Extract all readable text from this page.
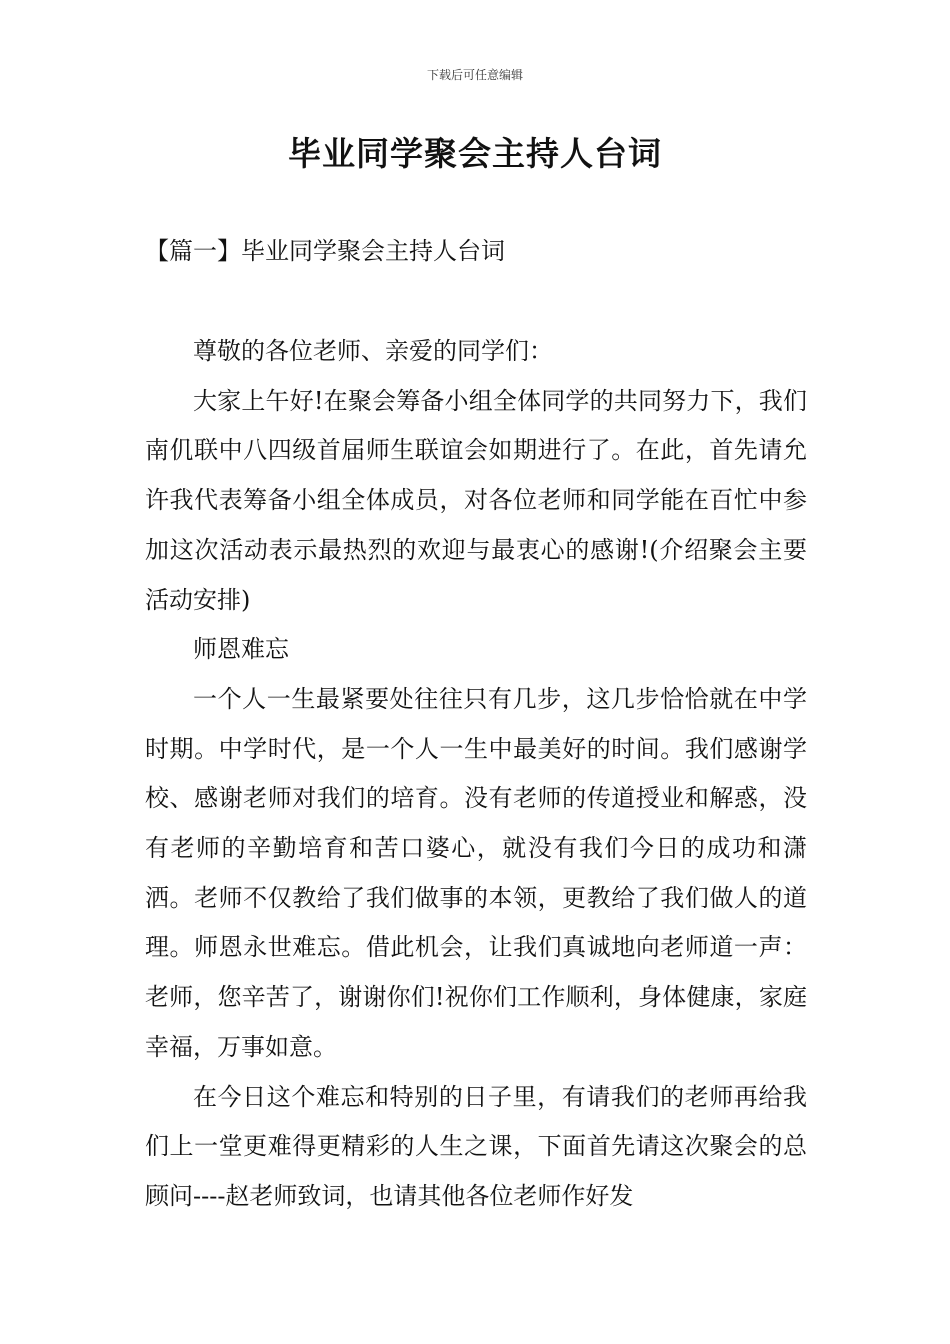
下载后可任意编辑
毕业同学聚会主持人台词
【篇一】毕业同学聚会主持人台词

尊敬的各位老师、亲爱的同学们：

大家上午好!在聚会筹备小组全体同学的共同努力下，我们南仉联中八四级首届师生联谊会如期进行了。在此，首先请允许我代表筹备小组全体成员，对各位老师和同学能在百忙中参加这次活动表示最热烈的欢迎与最衷心的感谢!(介绍聚会主要活动安排)

师恩难忘

一个人一生最紧要处往往只有几步，这几步恰恰就在中学时期。中学时代，是一个人一生中最美好的时间。我们感谢学校、感谢老师对我们的培育。没有老师的传道授业和解惑，没有老师的辛勤培育和苦口婆心，就没有我们今日的成功和潇洒。老师不仅教给了我们做事的本领，更教给了我们做人的道理。师恩永世难忘。借此机会，让我们真诚地向老师道一声：老师，您辛苦了，谢谢你们!祝你们工作顺利，身体健康，家庭幸福，万事如意。

在今日这个难忘和特别的日子里，有请我们的老师再给我们上一堂更难得更精彩的人生之课，下面首先请这次聚会的总顾问----赵老师致词，也请其他各位老师作好发
